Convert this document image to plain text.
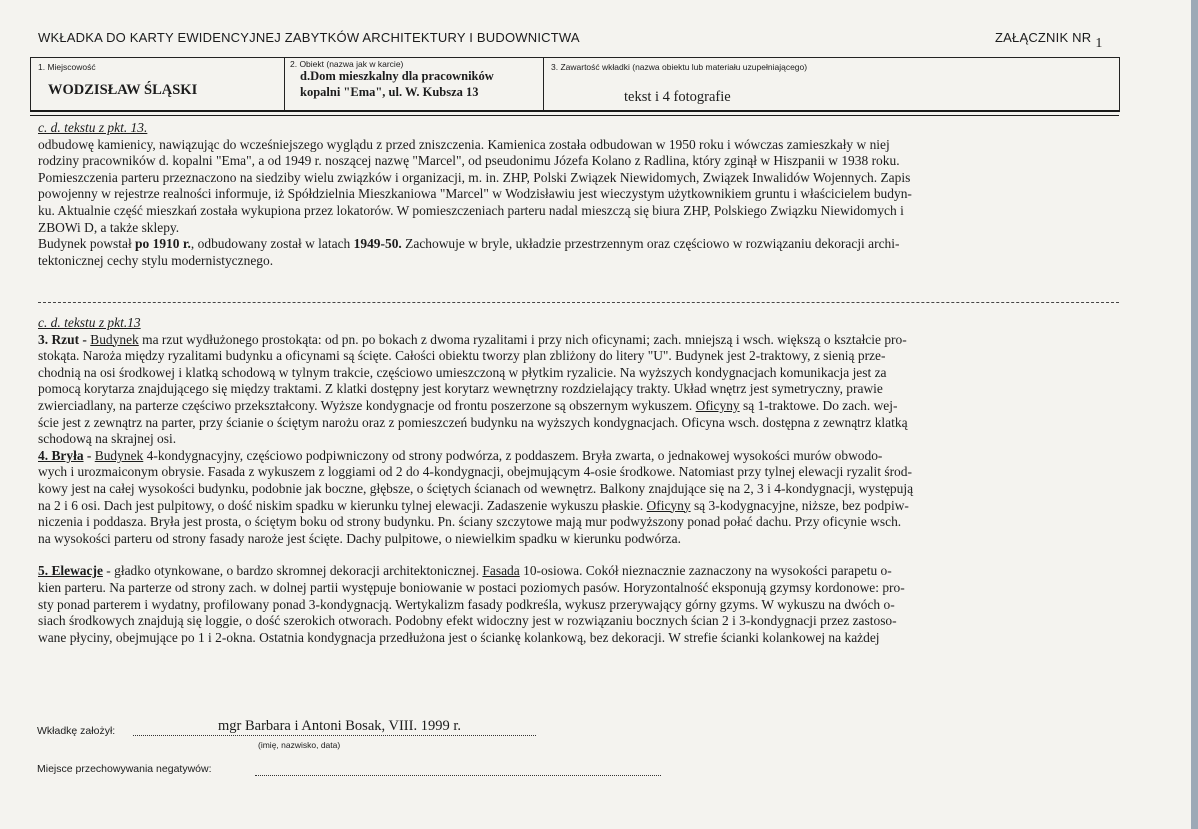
WKŁADKA DO KARTY EWIDENCYJNEJ ZABYTKÓW ARCHITEKTURY I BUDOWNICTWA	ZAŁĄCZNIK NR 1
1. Miejscowość
WODZISŁAW ŚLĄSKI
2. Obiekt (nazwa jak w karcie)
d.Dom mieszkalny dla pracowników
kopalni "Ema", ul. W. Kubsza 13
3. Zawartość wkładki (nazwa obiektu lub materiału uzupełniającego)
tekst i 4 fotografie
c. d. tekstu z pkt. 13.
odbudowę kamienicy, nawiązując do wcześniejszego wyglądu z przed zniszczenia. Kamienica została odbudowan w 1950 roku i wówczas zamieszkały w niej
rodziny pracowników d. kopalni "Ema", a od 1949 r. noszącej nazwę "Marcel", od pseudonimu Józefa Kolano z Radlina, który zginął w Hiszpanii w 1938 roku.
Pomieszczenia parteru przeznaczono na siedziby wielu związków i organizacji, m. in. ZHP, Polski Związek Niewidomych, Związek Inwalidów Wojennych. Zapis
powojenny w rejestrze realności informuje, iż Spółdzielnia Mieszkaniowa "Marcel" w Wodzisławiu jest wieczystym użytkownikiem gruntu i właścicielem budyn-
ku. Aktualnie część mieszkań została wykupiona przez lokatorów. W pomieszczeniach parteru nadal mieszczą się biura ZHP, Polskiego Związku Niewidomych i
ZBOWi D, a także sklepy.
Budynek powstał po 1910 r., odbudowany został w latach 1949-50. Zachowuje w bryle, układzie przestrzennym oraz częściowo w rozwiązaniu dekoracji archi-
tektonicznej cechy stylu modernistycznego.
c. d. tekstu z pkt.13
3. Rzut - Budynek ma rzut wydłużonego prostokąta: od pn. po bokach z dwoma ryzalitami i przy nich oficynami; zach. mniejszą i wsch. większą o kształcie pro-
stokąta. Naroża między ryzalitami budynku a oficynami są ścięte. Całości obiektu tworzy plan zbliżony do litery "U". Budynek jest 2-traktowy, z sienią prze-
chodnią na osi środkowej i klatką schodową w tylnym trakcie, częściowo umieszczoną w płytkim ryzalicie. Na wyższych kondygnacjach komunikacja jest za
pomocą korytarza znajdującego się między traktami. Z klatki dostępny jest korytarz wewnętrzny rozdzielający trakty. Układ wnętrz jest symetryczny, prawie
zwierciadlany, na parterze częściwo przekształcony. Wyższe kondygnacje od frontu poszerzone są obszernym wykuszem. Oficyny są 1-traktowe. Do zach. wej-
ście jest z zewnątrz na parter, przy ścianie o ściętym narożu oraz z pomieszczeń budynku na wyższych kondygnacjach. Oficyna wsch. dostępna z zewnątrz klatką
schodową na skrajnej osi.
4. Bryła - Budynek 4-kondygnacyjny, częściowo podpiwniczony od strony podwórza, z poddaszem. Bryła zwarta, o jednakowej wysokości murów obwodo-
wych i urozmaiconym obrysie. Fasada z wykuszem z loggiami od 2 do 4-kondygnacji, obejmującym 4-osie środkowe. Natomiast przy tylnej elewacji ryzalit środ-
kowy jest na całej wysokości budynku, podobnie jak boczne, głębsze, o ściętych ścianach od wewnętrz. Balkony znajdujące się na 2, 3 i 4-kondygnacji, występują
na 2 i 6 osi. Dach jest pulpitowy, o dość niskim spadku w kierunku tylnej elewacji. Zadaszenie wykuszu płaskie. Oficyny są 3-kodygnacyjne, niższe, bez podpiw-
niczenia i poddasza. Bryła jest prosta, o ściętym boku od strony budynku. Pn. ściany szczytowe mają mur podwyższony ponad połać dachu. Przy oficynie wsch.
na wysokości parteru od strony fasady naroże jest ścięte. Dachy pulpitowe, o niewielkim spadku w kierunku podwórza.
5. Elewacje - gładko otynkowane, o bardzo skromnej dekoracji architektonicznej. Fasada 10-osiowa. Cokół nieznacznie zaznaczony na wysokości parapetu o-
kien parteru. Na parterze od strony zach. w dolnej partii występuje boniowanie w postaci poziomych pasów. Horyzontalność eksponują gzymsy kordonowe: pro-
sty ponad parterem i wydatny, profilowany ponad 3-kondygnacją. Wertykalizm fasady podkreśla, wykusz przerywający górny gzyms. W wykuszu na dwóch o-
siach środkowych znajdują się loggie, o dość szerokich otworach. Podobny efekt widoczny jest w rozwiązaniu bocznych ścian 2 i 3-kondygnacji przez zastoso-
wane płyciny, obejmujące po 1 i 2-okna. Ostatnia kondygnacja przedłużona jest o ściankę kolankową, bez dekoracji. W strefie ścianki kolankowej na każdej
Wkładkę założył:	mgr Barbara i Antoni Bosak, VIII. 1999 r.
(imię, nazwisko, data)
Miejsce przechowywania negatywów:
